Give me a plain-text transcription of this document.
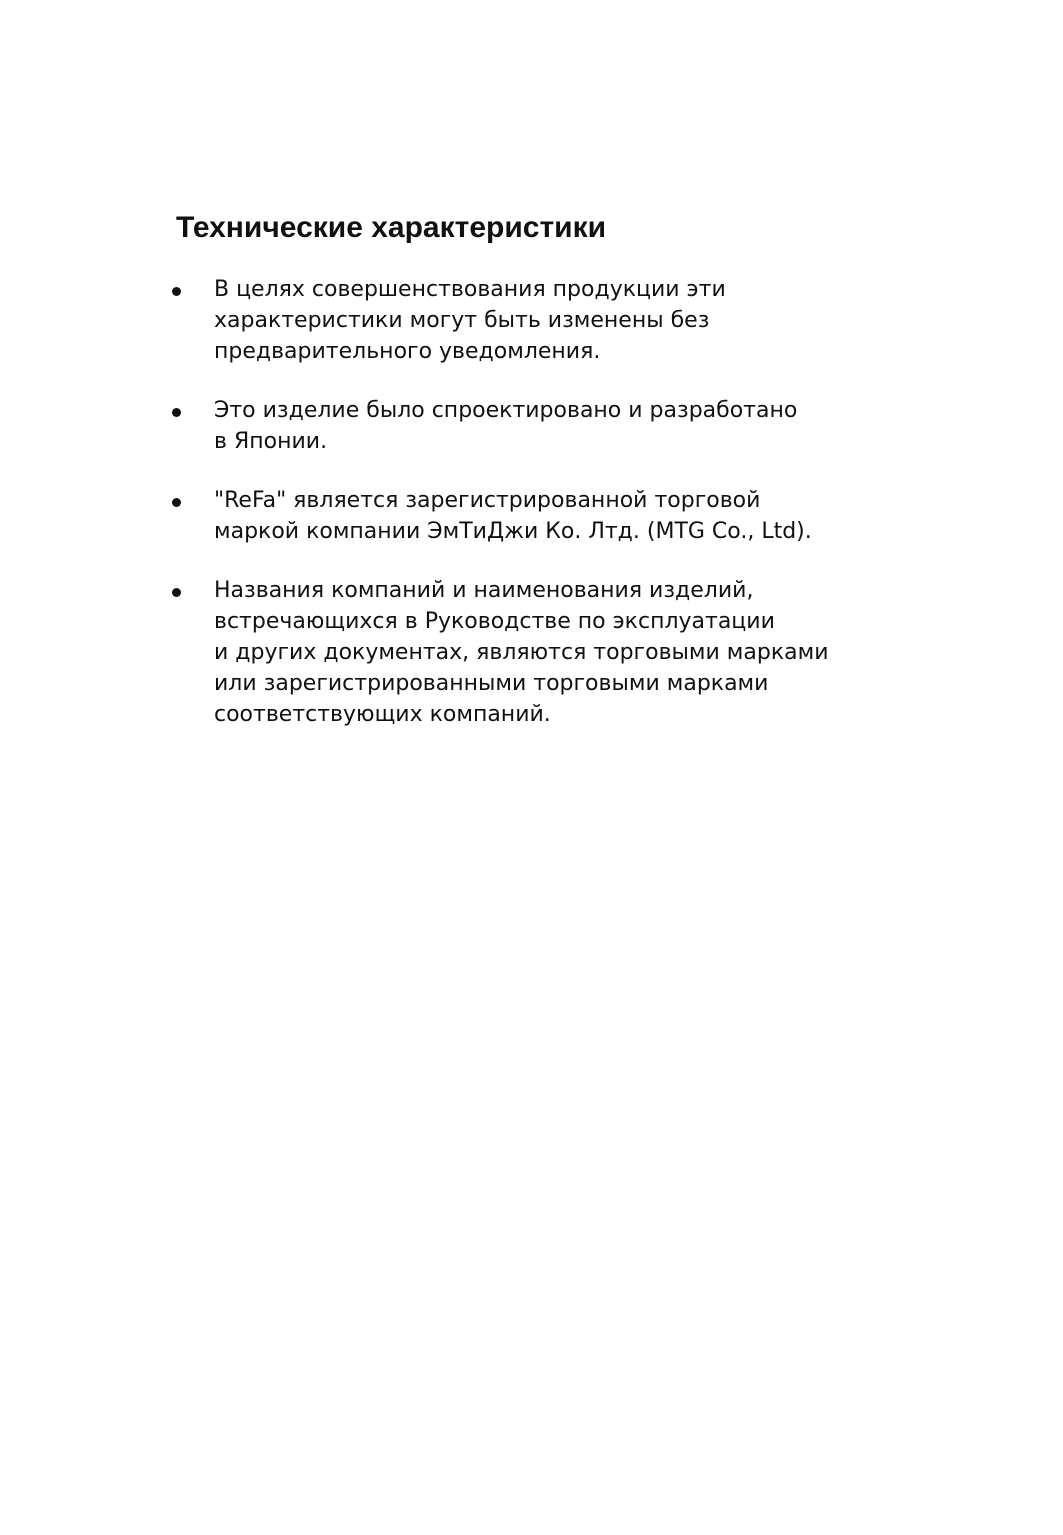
Технические характеристики
В целях совершенствования продукции эти
характеристики могут быть изменены без
предварительного уведомления.
Это изделие было спроектировано и разработано
в Японии.
"ReFa" является зарегистрированной торговой
маркой компании ЭмТиДжи Ко. Лтд. (MTG Co., Ltd).
Названия компаний и наименования изделий,
встречающихся в Руководстве по эксплуатации
и других документах, являются торговыми марками
или зарегистрированными торговыми марками
соответствующих компаний.
